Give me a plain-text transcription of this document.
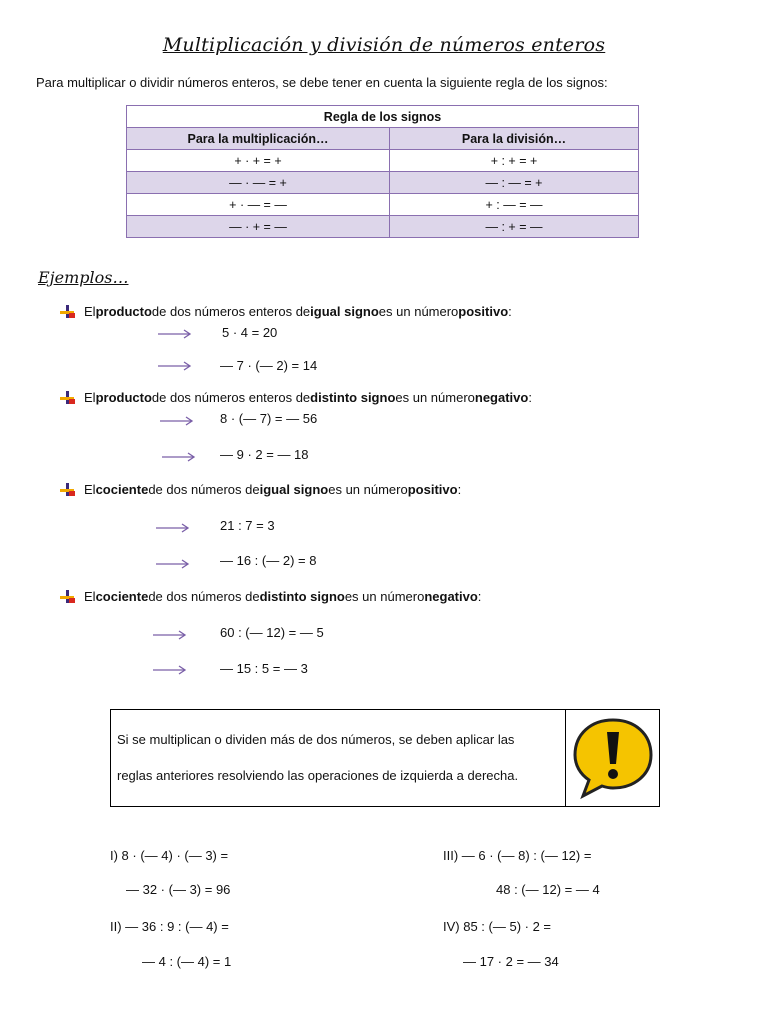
Multiplicación y división de números enteros
Para multiplicar o dividir números enteros, se debe tener en cuenta la siguiente regla de los signos:
Regla de los signos	
Para la multiplicación…	Para la división…
+ · + = +	+ : + = +
— · — = +	— : — = +
+ · — = —	+ : — = —
— · + = —	— : + = —
Ejemplos…
El producto de dos números enteros de igual signo es un número positivo :
5 · 4 = 20
— 7 · (— 2) = 14
El producto de dos números enteros de distinto signo es un número negativo :
8 · (— 7) = — 56
— 9 · 2 = — 18
El cociente de dos números de igual signo es un número positivo :
21 : 7 = 3
— 16 : (— 2) = 8
El cociente de dos números de distinto signo es un número negativo :
60 : (— 12) = — 5
— 15 : 5 = — 3
Si se multiplican o dividen más de dos números, se deben aplicar las
reglas anteriores resolviendo las operaciones de izquierda a derecha.
I) 8 · (— 4) · (— 3) =
— 32 · (— 3) = 96
II) — 36 : 9 : (— 4) =
— 4 : (— 4) = 1
III) — 6 · (— 8) : (— 12) =
48 : (— 12) = — 4
IV) 85 : (— 5) · 2 =
— 17 · 2 = — 34
